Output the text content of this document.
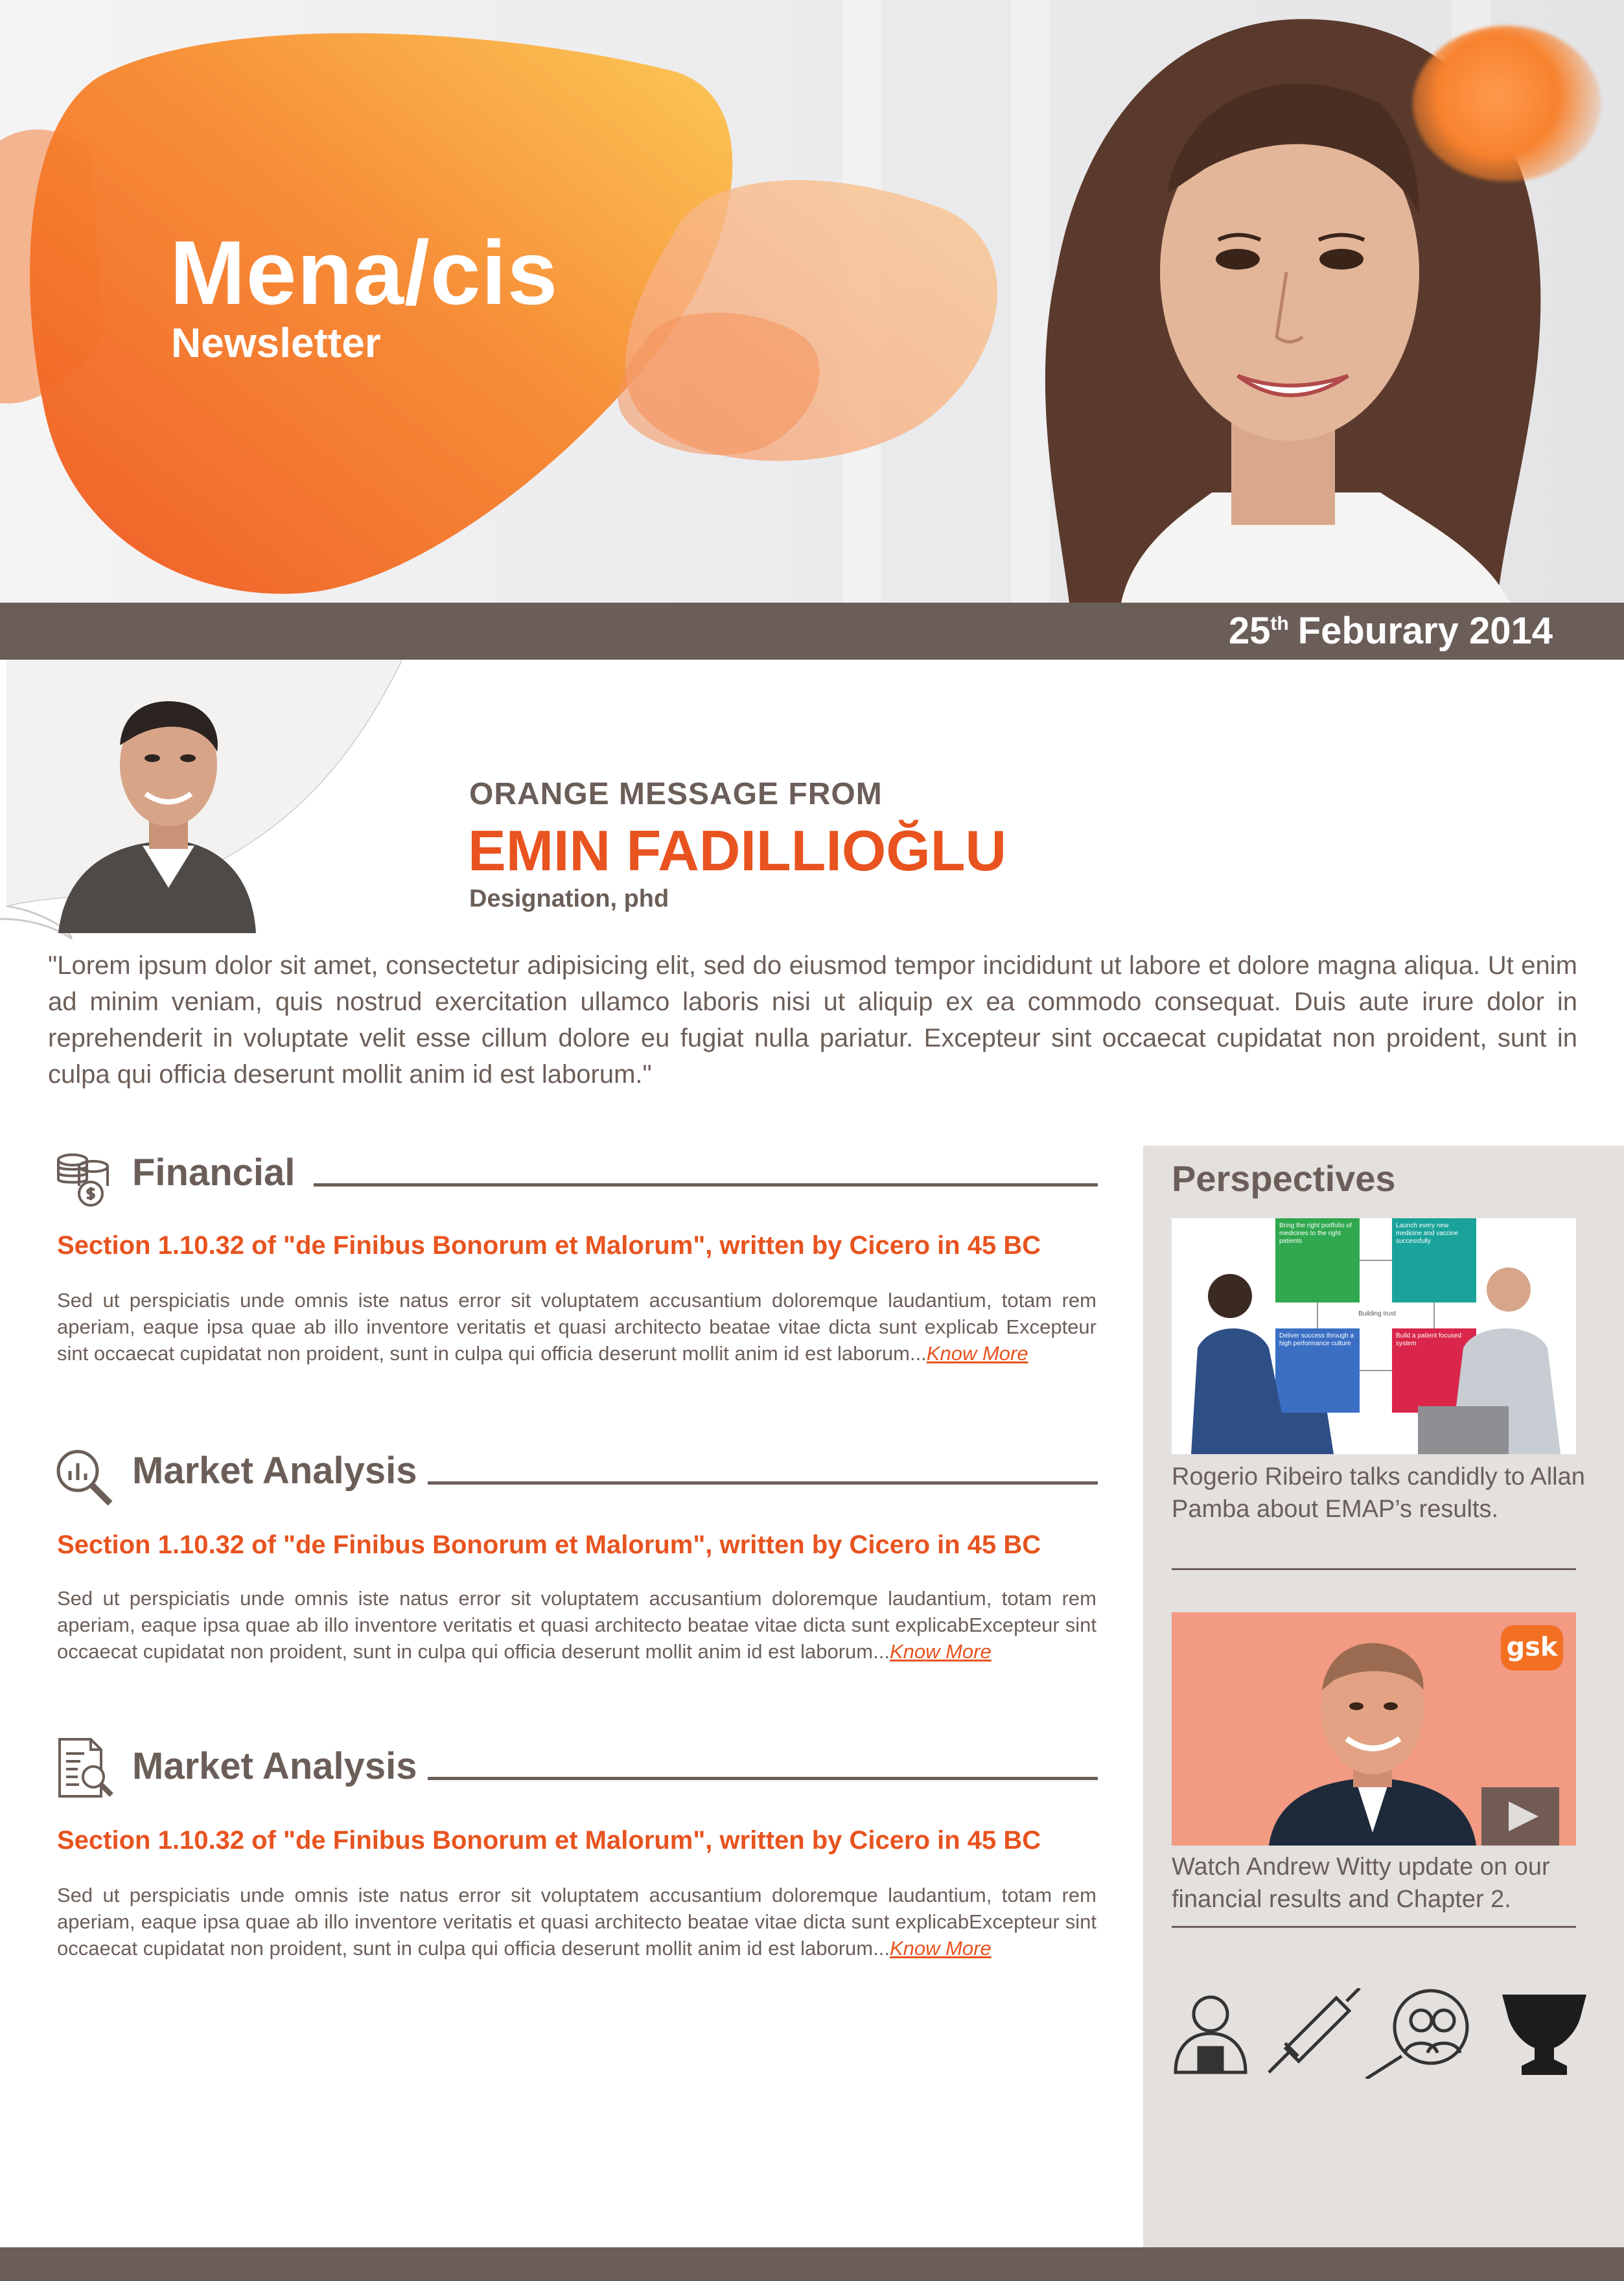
Mena/cis
Newsletter
25th Feburary 2014
ORANGE MESSAGE FROM
EMIN FADILLIOĞLU
Designation, phd
"Lorem ipsum dolor sit amet, consectetur adipisicing elit, sed do eiusmod tempor incididunt ut labore et dolore magna aliqua. Ut enim ad minim veniam, quis nostrud exercitation ullamco laboris nisi ut aliquip ex ea commodo consequat. Duis aute irure dolor in reprehenderit in voluptate velit esse cillum dolore eu fugiat nulla pariatur. Excepteur sint occaecat cupidatat non proident, sunt in culpa qui officia deserunt mollit anim id est laborum."
Perspectives
Bring the right portfolio of medicines to the right patients
Launch every new medicine and vaccine successfully
Building trust
Deliver success through a high performance culture
Build a patient focused system
Rogerio Ribeiro talks candidly to Allan Pamba about EMAP’s results.
gsk
Watch Andrew Witty update on our financial results and Chapter 2.
Financial
Section 1.10.32 of "de Finibus Bonorum et Malorum", written by Cicero in 45 BC
Sed ut perspiciatis unde omnis iste natus error sit voluptatem accusantium doloremque laudantium, totam rem aperiam, eaque ipsa quae ab illo inventore veritatis et quasi architecto beatae vitae dicta sunt explicab Excepteur sint occaecat cupidatat non proident, sunt in culpa qui officia deserunt mollit anim id est laborum...Know More
Market Analysis
Section 1.10.32 of "de Finibus Bonorum et Malorum", written by Cicero in 45 BC
Sed ut perspiciatis unde omnis iste natus error sit voluptatem accusantium doloremque laudantium, totam rem aperiam, eaque ipsa quae ab illo inventore veritatis et quasi architecto beatae vitae dicta sunt explicabExcepteur sint occaecat cupidatat non proident, sunt in culpa qui officia deserunt mollit anim id est laborum...Know More
Market Analysis
Section 1.10.32 of "de Finibus Bonorum et Malorum", written by Cicero in 45 BC
Sed ut perspiciatis unde omnis iste natus error sit voluptatem accusantium doloremque laudantium, totam rem aperiam, eaque ipsa quae ab illo inventore veritatis et quasi architecto beatae vitae dicta sunt explicabExcepteur sint occaecat cupidatat non proident, sunt in culpa qui officia deserunt mollit anim id est laborum...Know More
